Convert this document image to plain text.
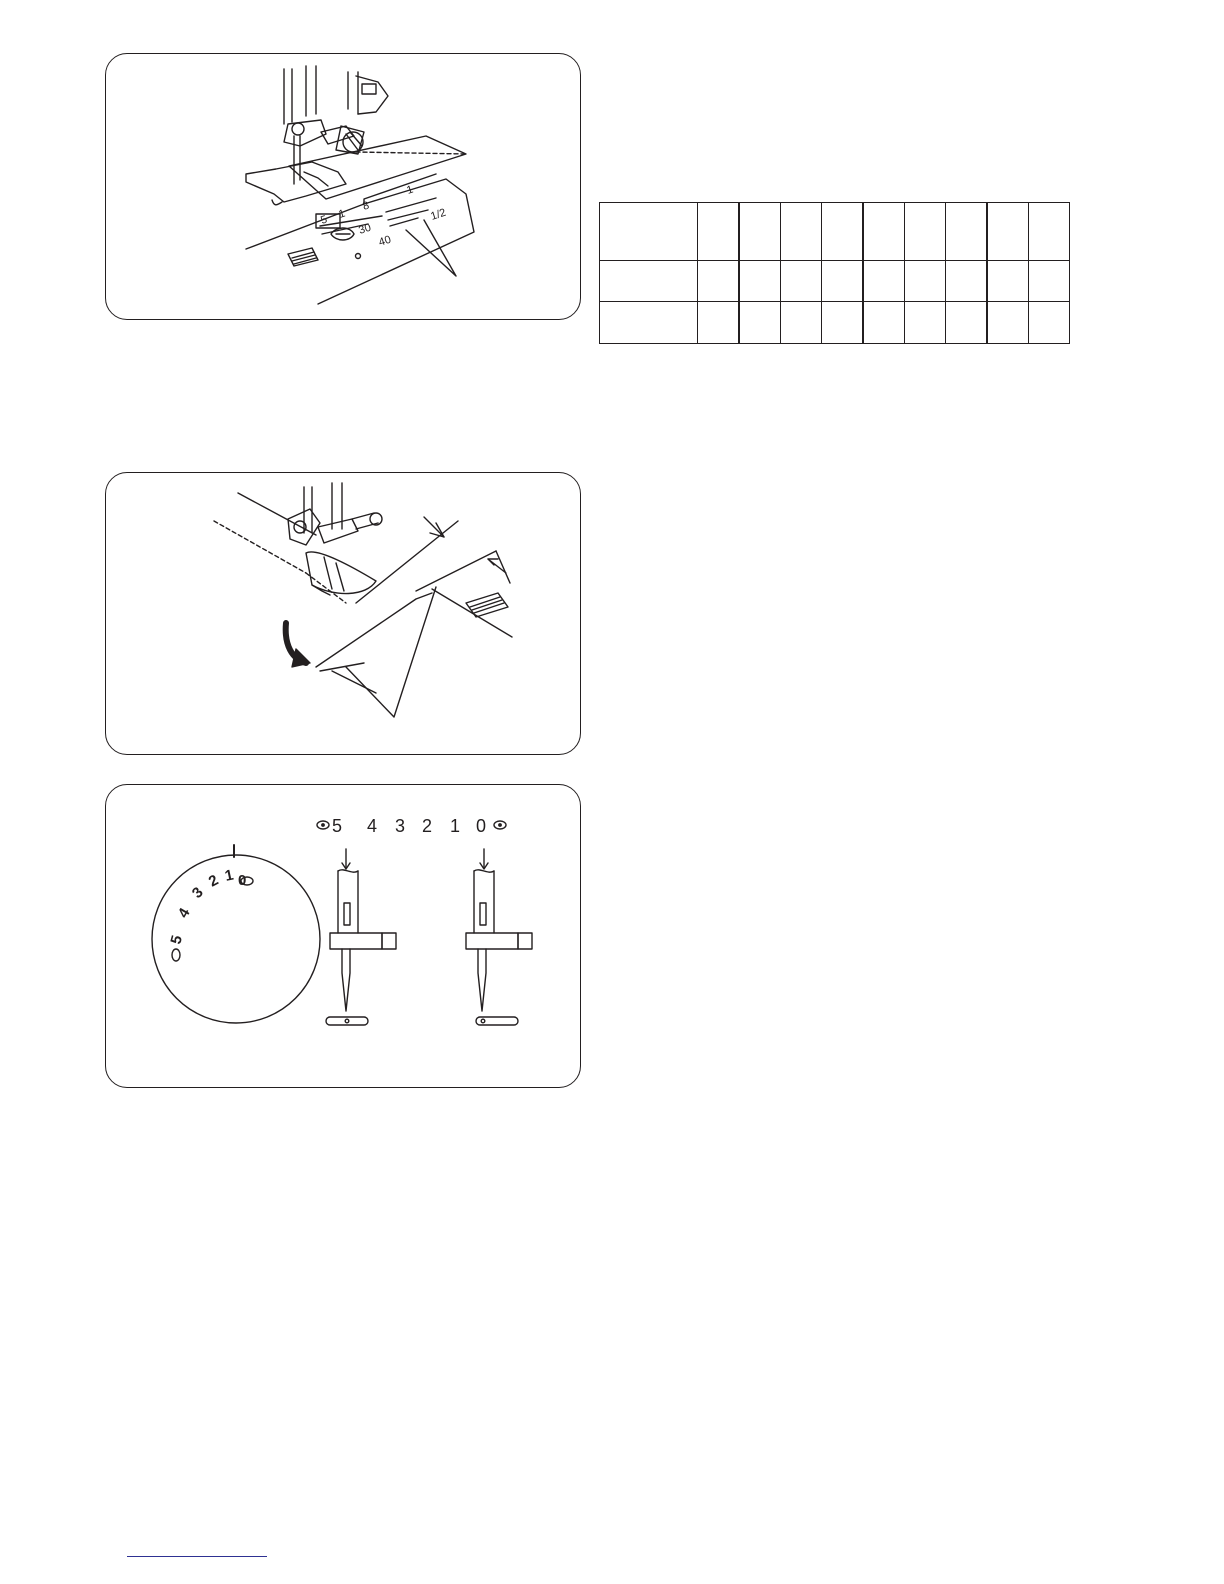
5 1
8
1
1/2
30
40

5 4 3 2 1 0
5
4
3
2 1 0
